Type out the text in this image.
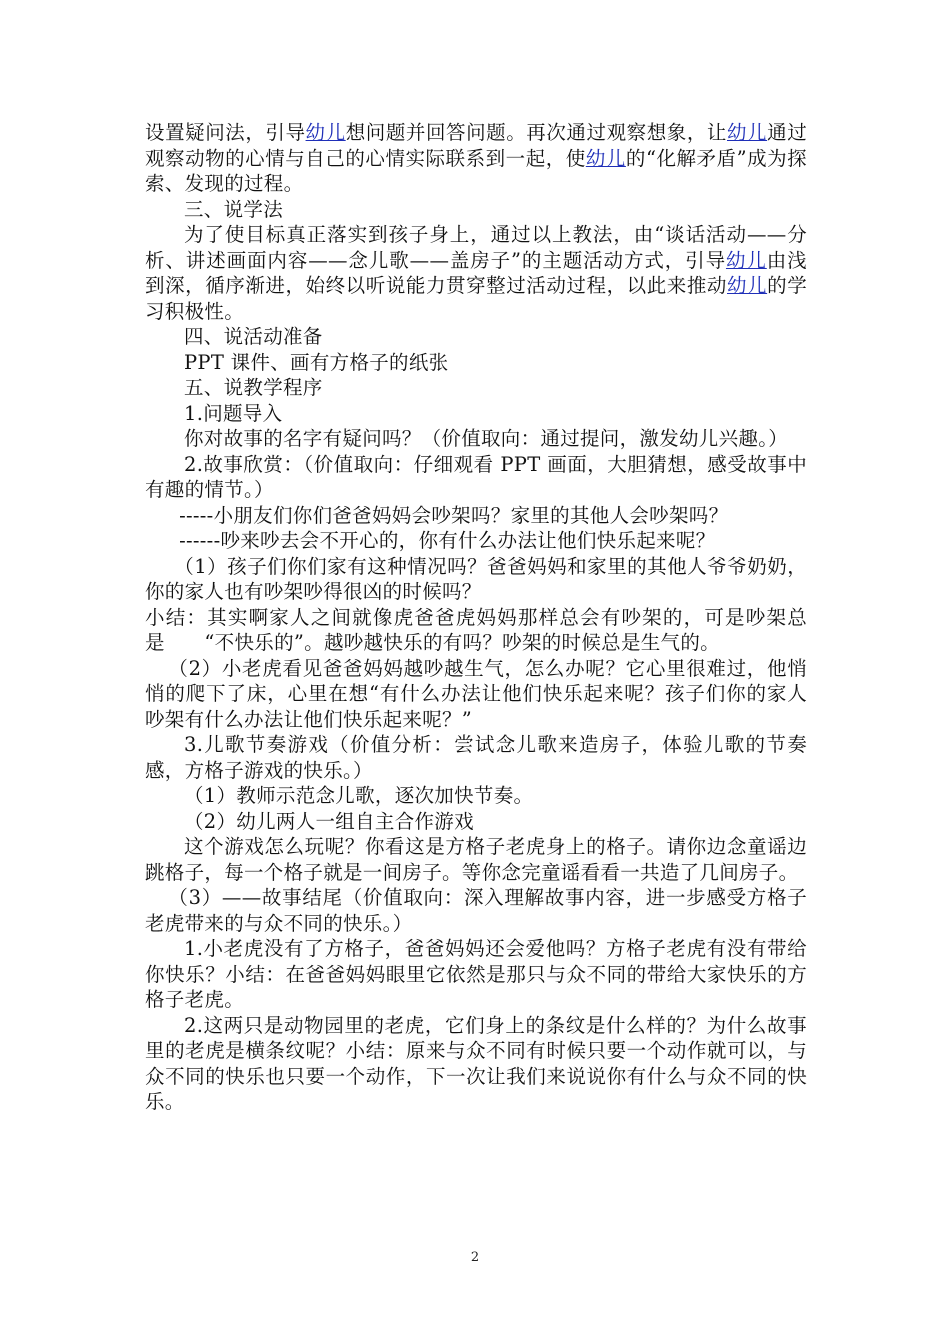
设置疑问法，引导幼儿想问题并回答问题。再次通过观察想象，让幼儿通过观察动物的心情与自己的心情实际联系到一起，使幼儿的“化解矛盾”成为探索、发现的过程。

三、说学法

为了使目标真正落实到孩子身上，通过以上教法，由“谈话活动——分析、讲述画面内容——念儿歌——盖房子”的主题活动方式，引导幼儿由浅到深，循序渐进，始终以听说能力贯穿整过活动过程，以此来推动幼儿的学习积极性。

四、说活动准备

PPT 课件、画有方格子的纸张

五、说教学程序

1.问题导入

你对故事的名字有疑问吗？（价值取向：通过提问，激发幼儿兴趣。）

2.故事欣赏：（价值取向：仔细观看 PPT 画面，大胆猜想，感受故事中有趣的情节。）

-----小朋友们你们爸爸妈妈会吵架吗？家里的其他人会吵架吗？

------吵来吵去会不开心的，你有什么办法让他们快乐起来呢？

（1）孩子们你们家有这种情况吗？爸爸妈妈和家里的其他人爷爷奶奶，你的家人也有吵架吵得很凶的时候吗？

小结：其实啊家人之间就像虎爸爸虎妈妈那样总会有吵架的，可是吵架总是　　“不快乐的”。越吵越快乐的有吗？吵架的时候总是生气的。

（2）小老虎看见爸爸妈妈越吵越生气，怎么办呢？它心里很难过，他悄悄的爬下了床，心里在想“有什么办法让他们快乐起来呢？孩子们你的家人吵架有什么办法让他们快乐起来呢？”

3.儿歌节奏游戏（价值分析：尝试念儿歌来造房子，体验儿歌的节奏感，方格子游戏的快乐。）

（1）教师示范念儿歌，逐次加快节奏。

（2）幼儿两人一组自主合作游戏

这个游戏怎么玩呢？你看这是方格子老虎身上的格子。请你边念童谣边跳格子，每一个格子就是一间房子。等你念完童谣看看一共造了几间房子。

（3）——故事结尾（价值取向：深入理解故事内容，进一步感受方格子老虎带来的与众不同的快乐。）

1.小老虎没有了方格子，爸爸妈妈还会爱他吗？方格子老虎有没有带给你快乐？小结：在爸爸妈妈眼里它依然是那只与众不同的带给大家快乐的方格子老虎。

2.这两只是动物园里的老虎，它们身上的条纹是什么样的？为什么故事里的老虎是横条纹呢？小结：原来与众不同有时候只要一个动作就可以，与众不同的快乐也只要一个动作，下一次让我们来说说你有什么与众不同的快乐。

2
